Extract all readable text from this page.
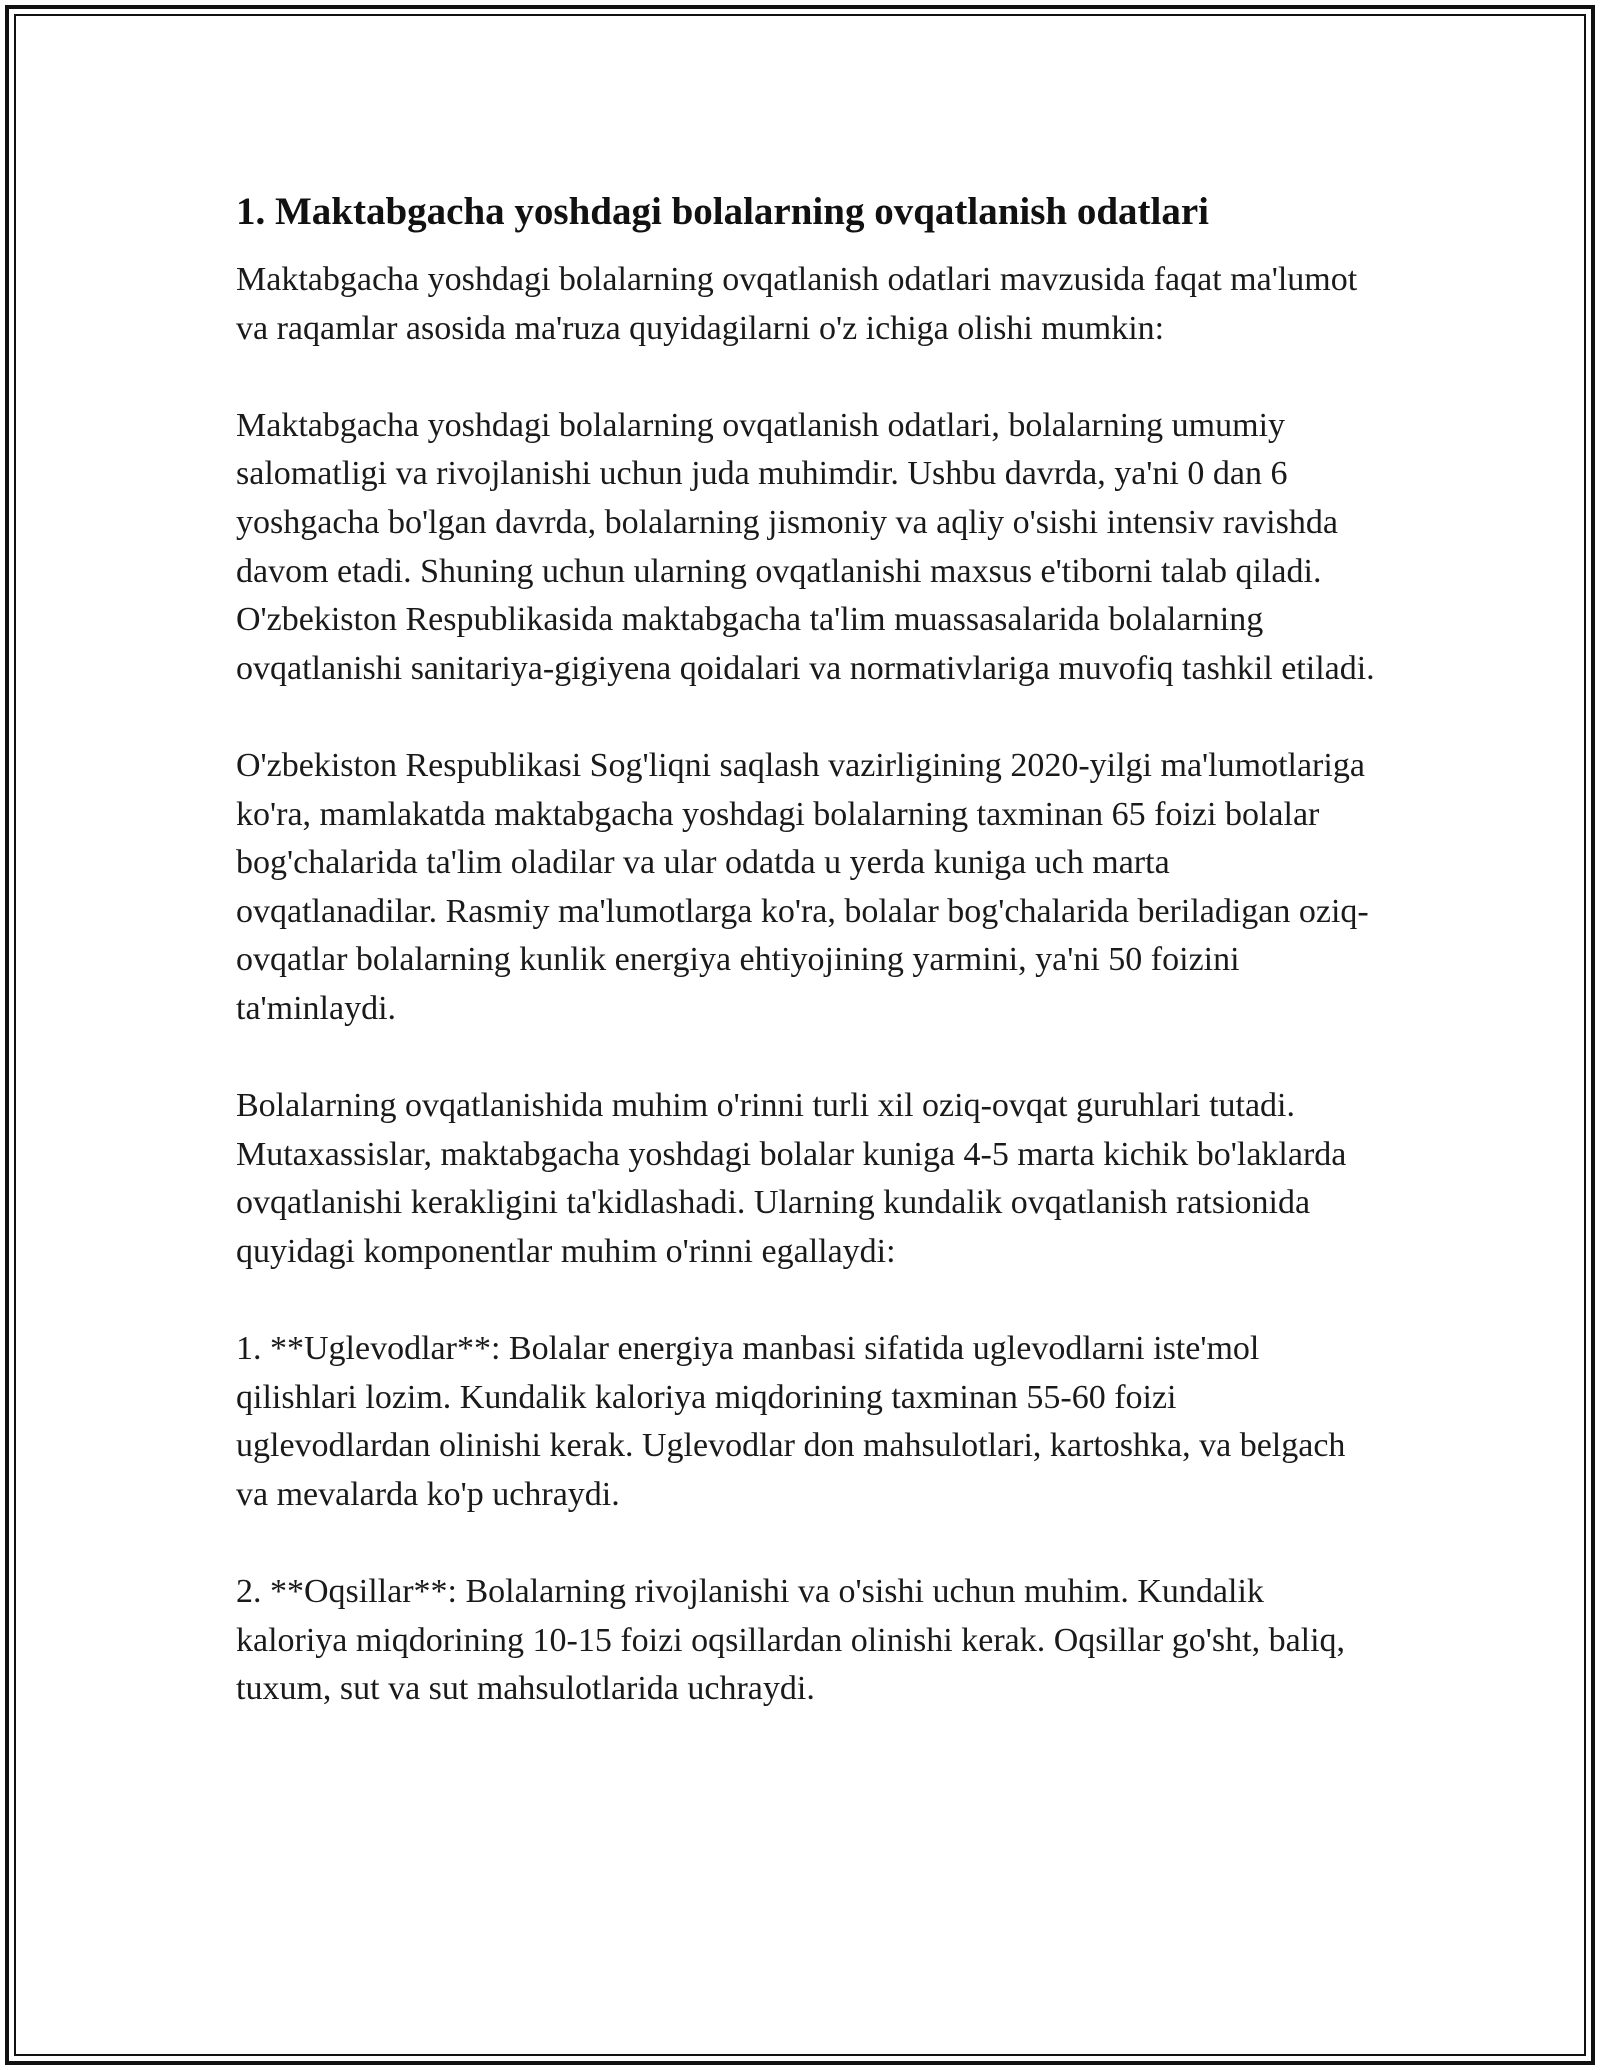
1. Maktabgacha yoshdagi bolalarning ovqatlanish odatlari

Maktabgacha yoshdagi bolalarning ovqatlanish odatlari mavzusida faqat ma'lumot va raqamlar asosida ma'ruza quyidagilarni o'z ichiga olishi mumkin:

Maktabgacha yoshdagi bolalarning ovqatlanish odatlari, bolalarning umumiy salomatligi va rivojlanishi uchun juda muhimdir. Ushbu davrda, ya'ni 0 dan 6 yoshgacha bo'lgan davrda, bolalarning jismoniy va aqliy o'sishi intensiv ravishda davom etadi. Shuning uchun ularning ovqatlanishi maxsus e'tiborni talab qiladi. O'zbekiston Respublikasida maktabgacha ta'lim muassasalarida bolalarning ovqatlanishi sanitariya-gigiyena qoidalari va normativlariga muvofiq tashkil etiladi.

O'zbekiston Respublikasi Sog'liqni saqlash vazirligining 2020-yilgi ma'lumotlariga ko'ra, mamlakatda maktabgacha yoshdagi bolalarning taxminan 65 foizi bolalar bog'chalarida ta'lim oladilar va ular odatda u yerda kuniga uch marta ovqatlanadilar. Rasmiy ma'lumotlarga ko'ra, bolalar bog'chalarida beriladigan oziq-ovqatlar bolalarning kunlik energiya ehtiyojining yarmini, ya'ni 50 foizini ta'minlaydi.

Bolalarning ovqatlanishida muhim o'rinni turli xil oziq-ovqat guruhlari tutadi. Mutaxassislar, maktabgacha yoshdagi bolalar kuniga 4-5 marta kichik bo'laklarda ovqatlanishi kerakligini ta'kidlashadi. Ularning kundalik ovqatlanish ratsionida quyidagi komponentlar muhim o'rinni egallaydi:

1. **Uglevodlar**: Bolalar energiya manbasi sifatida uglevodlarni iste'mol qilishlari lozim. Kundalik kaloriya miqdorining taxminan 55-60 foizi uglevodlardan olinishi kerak. Uglevodlar don mahsulotlari, kartoshka, va belgach va mevalarda ko'p uchraydi.

2. **Oqsillar**: Bolalarning rivojlanishi va o'sishi uchun muhim. Kundalik kaloriya miqdorining 10-15 foizi oqsillardan olinishi kerak. Oqsillar go'sht, baliq, tuxum, sut va sut mahsulotlarida uchraydi.
